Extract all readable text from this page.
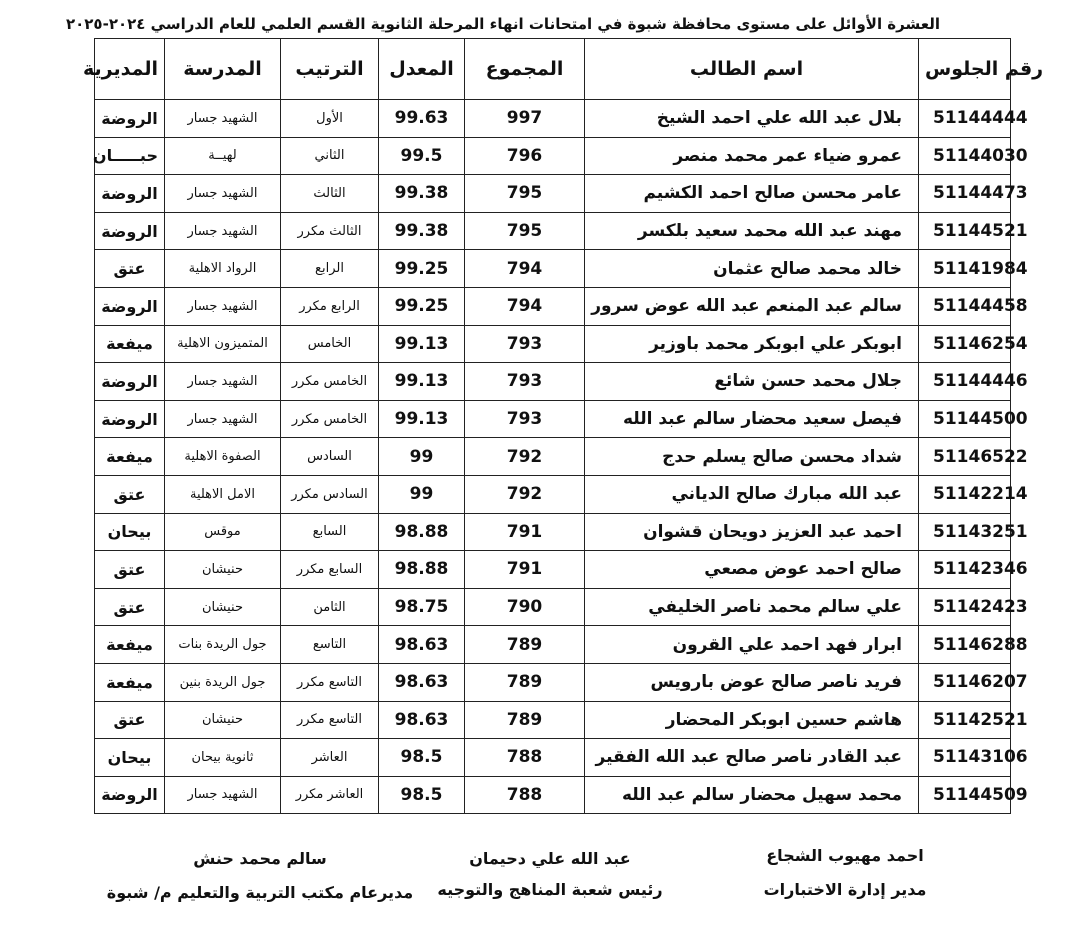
العشرة الأوائل على مستوى محافظة شبوة في امتحانات انهاء المرحلة الثانوية القسم العلمي للعام الدراسي ٢٠٢٤-٢٠٢٥
رقم الجلوس	اسم الطالب	المجموع	المعدل	الترتيب	المدرسة	المديرية
51144444	بلال عبد الله علي احمد الشيخ	997	99.63	الأول	الشهيد جسار	الروضة
51144030	عمرو ضياء عمر محمد منصر	796	99.5	الثاني	لهيــة	حبـــــان
51144473	عامر محسن صالح احمد الكشيم	795	99.38	الثالث	الشهيد جسار	الروضة
51144521	مهند عبد الله محمد سعيد بلكسر	795	99.38	الثالث مكرر	الشهيد جسار	الروضة
51141984	خالد محمد صالح عثمان	794	99.25	الرابع	الرواد الاهلية	عتق
51144458	سالم عبد المنعم عبد الله عوض سرور	794	99.25	الرابع مكرر	الشهيد جسار	الروضة
51146254	ابوبكر علي ابوبكر محمد باوزير	793	99.13	الخامس	المتميزون الاهلية	ميفعة
51144446	جلال محمد حسن شائع	793	99.13	الخامس مكرر	الشهيد جسار	الروضة
51144500	فيصل سعيد محضار سالم عبد الله	793	99.13	الخامس مكرر	الشهيد جسار	الروضة
51146522	شداد محسن صالح يسلم حدج	792	99	السادس	الصفوة الاهلية	ميفعة
51142214	عبد الله مبارك صالح الدياني	792	99	السادس مكرر	الامل الاهلية	عتق
51143251	احمد عبد العزيز دويحان قشوان	791	98.88	السابع	موقس	بيحان
51142346	صالح احمد عوض مصعي	791	98.88	السابع مكرر	حنيشان	عتق
51142423	علي سالم محمد ناصر الخليفي	790	98.75	الثامن	حنيشان	عتق
51146288	ابرار فهد احمد علي القرون	789	98.63	التاسع	جول الريدة بنات	ميفعة
51146207	فريد ناصر صالح عوض بارويس	789	98.63	التاسع مكرر	جول الريدة بنين	ميفعة
51142521	هاشم حسين ابوبكر المحضار	789	98.63	التاسع مكرر	حنيشان	عتق
51143106	عبد القادر ناصر صالح عبد الله الفقير	788	98.5	العاشر	ثانوية بيحان	بيحان
51144509	محمد سهيل محضار سالم عبد الله	788	98.5	العاشر مكرر	الشهيد جسار	الروضة
احمد مهيوب الشجاع
مدير إدارة الاختبارات
عبد الله علي دحيمان
رئيس شعبة المناهج والتوجيه
سالم محمد حنش
مديرعام مكتب التربية والتعليم م/ شبوة
